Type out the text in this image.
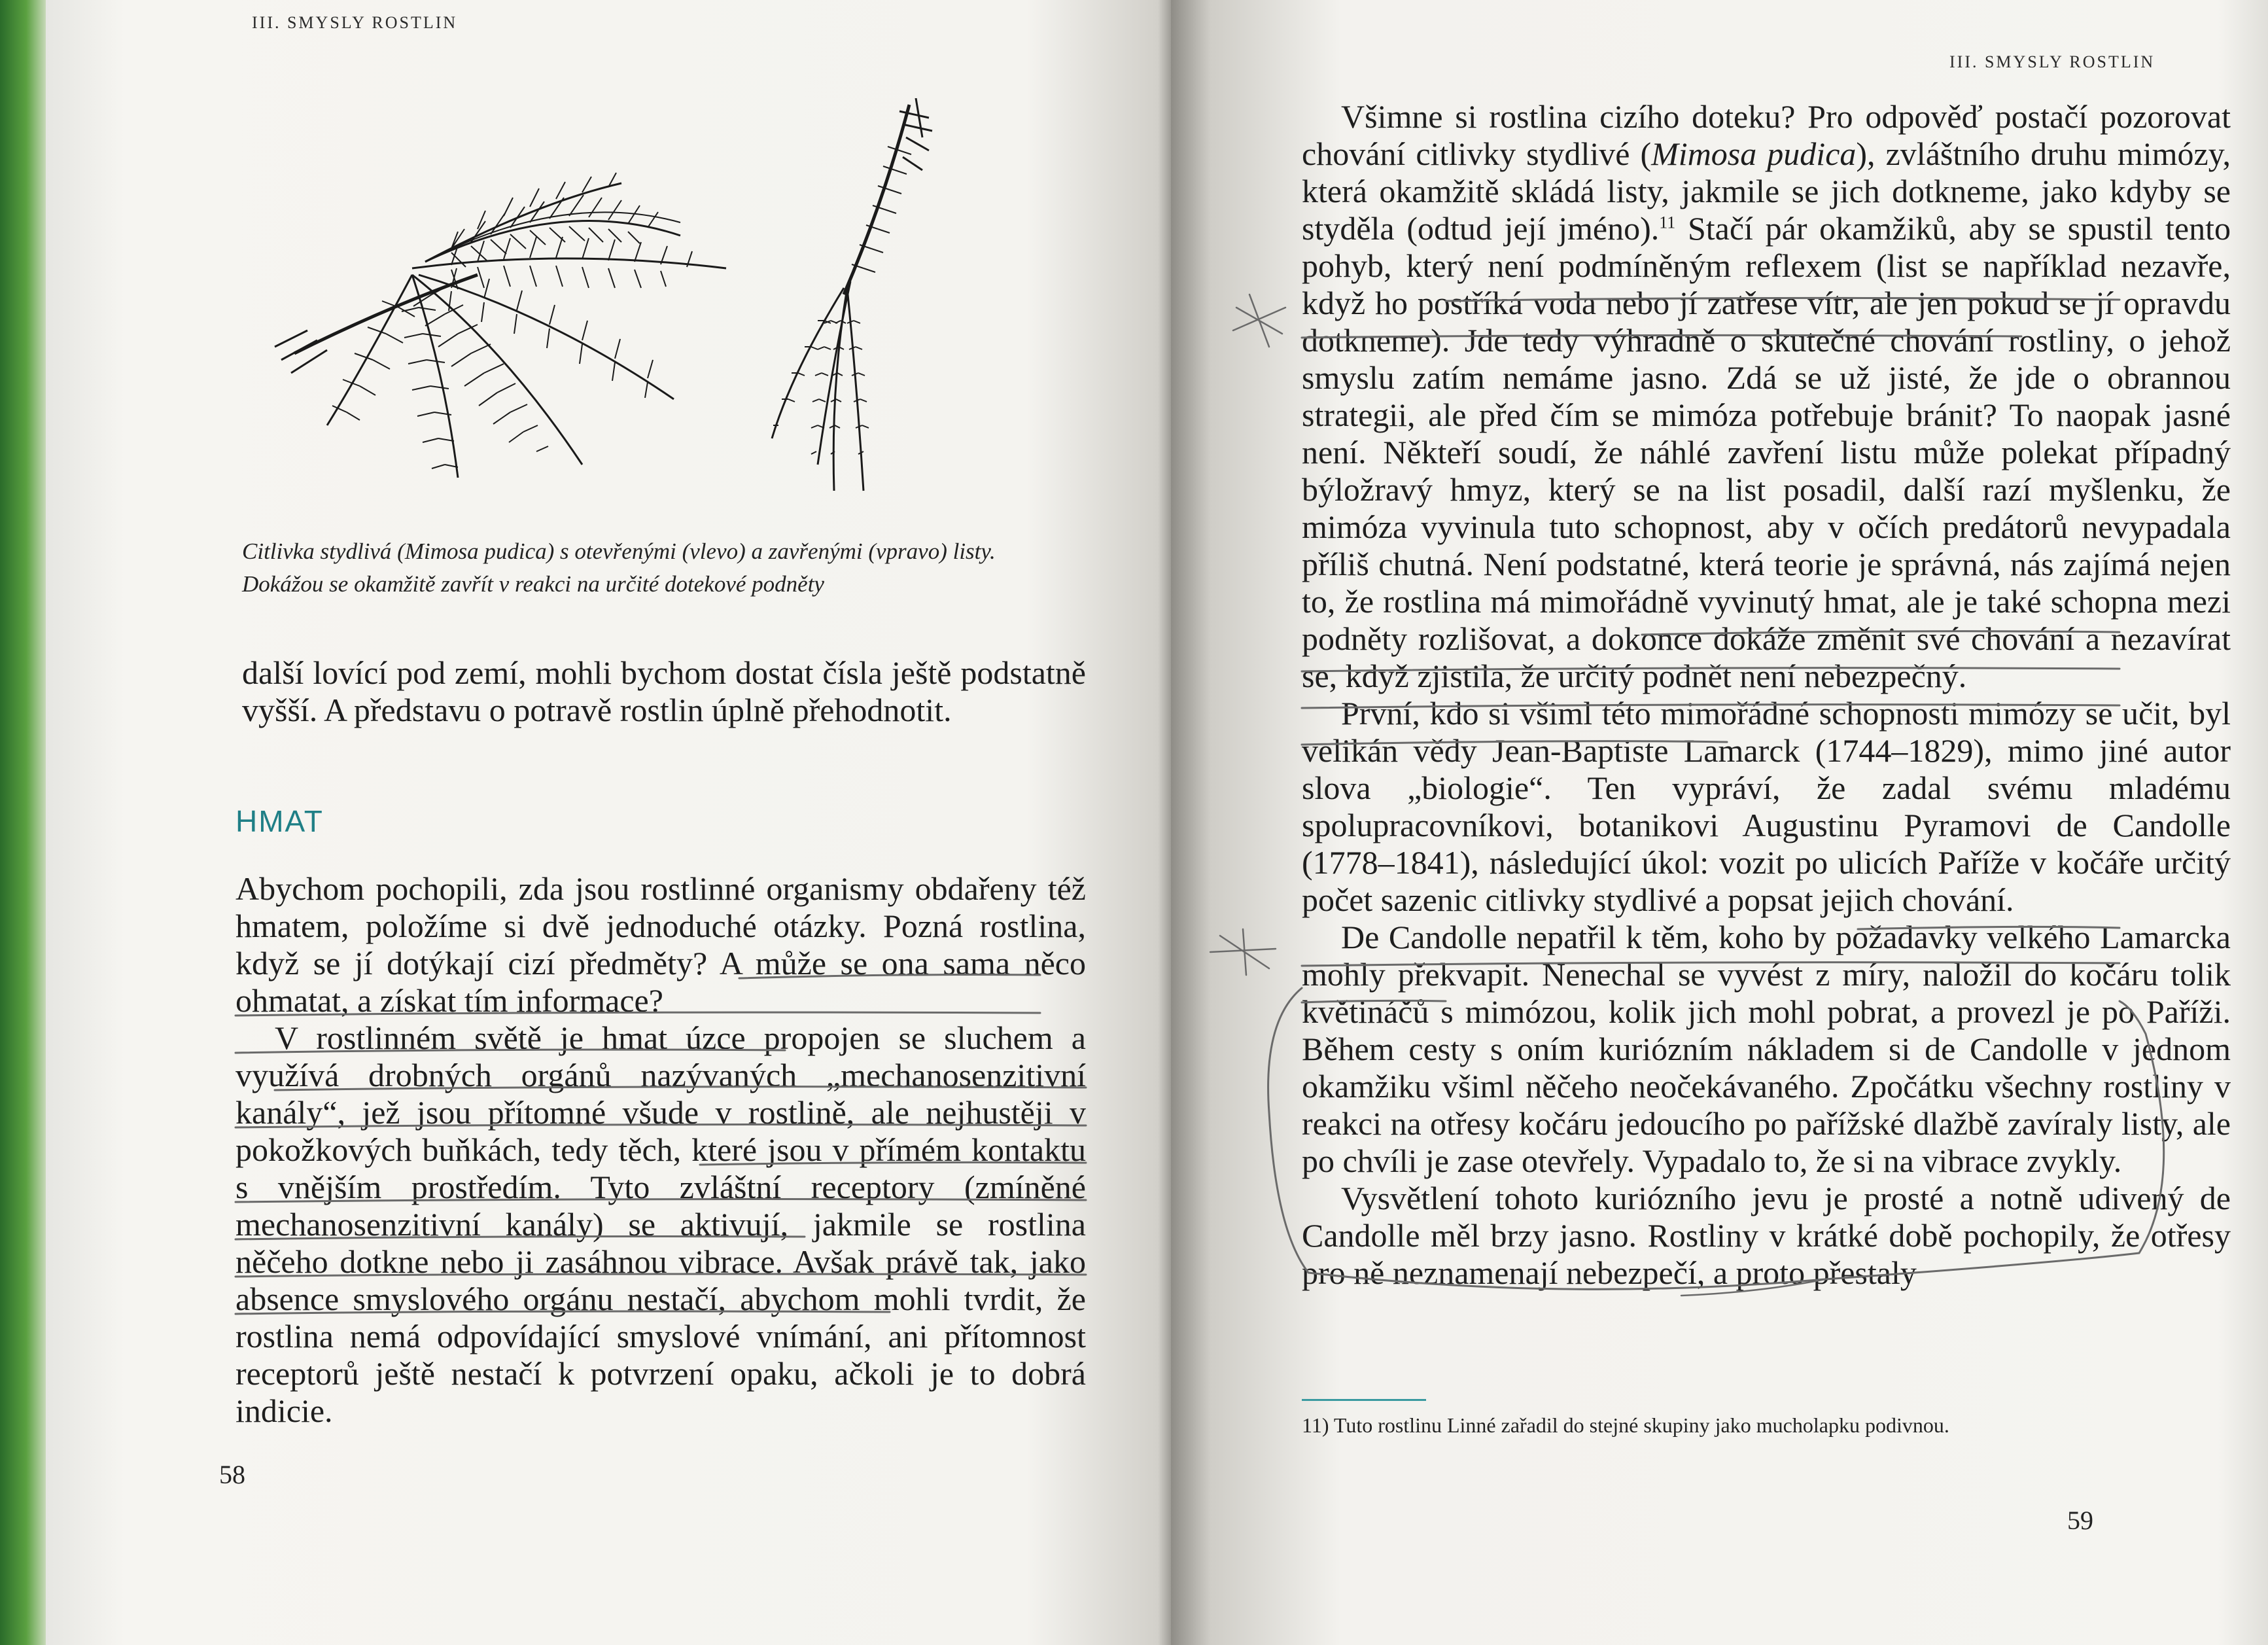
III. SMYSLY ROSTLIN
Citlivka stydlivá (Mimosa pudica) s otevřenými (vlevo) a zavřenými (vpravo) listy. Dokážou se okamžitě zavřít v reakci na určité dotekové podněty

další lovící pod zemí, mohli bychom dostat čísla ještě podstatně vyšší. A představu o potravě rostlin úplně přehodnotit.

HMAT

Abychom pochopili, zda jsou rostlinné organismy obdařeny též hmatem, položíme si dvě jednoduché otázky. Pozná rostlina, když se jí dotýkají cizí předměty? A může se ona sama něco ohmatat, a získat tím informace?

V rostlinném světě je hmat úzce propojen se sluchem a využívá drobných orgánů nazývaných „mechanosenzitivní kanály“, jež jsou přítomné všude v rostlině, ale nejhustěji v pokožkových buňkách, tedy těch, které jsou v přímém kontaktu s vnějším prostředím. Tyto zvláštní receptory (zmíněné mechanosenzitivní kanály) se aktivují, jakmile se rostlina něčeho dotkne nebo ji zasáhnou vibrace. Avšak právě tak, jako absence smyslového orgánu nestačí, abychom mohli tvrdit, že rostlina nemá odpovídající smyslové vnímání, ani přítomnost receptorů ještě nestačí k potvrzení opaku, ačkoli je to dobrá indicie.

58
III. SMYSLY ROSTLIN

Všimne si rostlina cizího doteku? Pro odpověď postačí pozorovat chování citlivky stydlivé (Mimosa pudica), zvláštního druhu mimózy, která okamžitě skládá listy, jakmile se jich dotkneme, jako kdyby se styděla (odtud její jméno).$^{11}$ Stačí pár okamžiků, aby se spustil tento pohyb, který není podmíněným reflexem (list se například nezavře, když ho postříká voda nebo jí zatřese vítr, ale jen pokud se jí opravdu dotkneme). Jde tedy výhradně o skutečné chování rostliny, o jehož smyslu zatím nemáme jasno. Zdá se už jisté, že jde o obrannou strategii, ale před čím se mimóza potřebuje bránit? To naopak jasné není. Někteří soudí, že náhlé zavření listu může polekat případný býložravý hmyz, který se na list posadil, další razí myšlenku, že mimóza vyvinula tuto schopnost, aby v očích predátorů nevypadala příliš chutná. Není podstatné, která teorie je správná, nás zajímá nejen to, že rostlina má mimořádně vyvinutý hmat, ale je také schopna mezi podněty rozlišovat, a dokonce dokáže změnit své chování a nezavírat se, když zjistila, že určitý podnět není nebezpečný.

První, kdo si všiml této mimořádné schopnosti mimózy se učit, byl velikán vědy Jean-Baptiste Lamarck (1744–1829), mimo jiné autor slova „biologie“. Ten vypráví, že zadal svému mladému spolupracovníkovi, botanikovi Augustinu Pyramovi de Candolle (1778–1841), následující úkol: vozit po ulicích Paříže v kočáře určitý počet sazenic citlivky stydlivé a popsat jejich chování.

De Candolle nepatřil k těm, koho by požadavky velkého Lamarcka mohly překvapit. Nenechal se vyvést z míry, naložil do kočáru tolik květináčů s mimózou, kolik jich mohl pobrat, a provezl je po Paříži. Během cesty s oním kuriózním nákladem si de Candolle v jednom okamžiku všiml něčeho neočekávaného. Zpočátku všechny rostliny v reakci na otřesy kočáru jedoucího po pařížské dlažbě zavíraly listy, ale po chvíli je zase otevřely. Vypadalo to, že si na vibrace zvykly.

Vysvětlení tohoto kuriózního jevu je prosté a notně udivený de Candolle měl brzy jasno. Rostliny v krátké době pochopily, že otřesy pro ně neznamenají nebezpečí, a proto přestaly

11) Tuto rostlinu Linné zařadil do stejné skupiny jako mucholapku podivnou.
59
